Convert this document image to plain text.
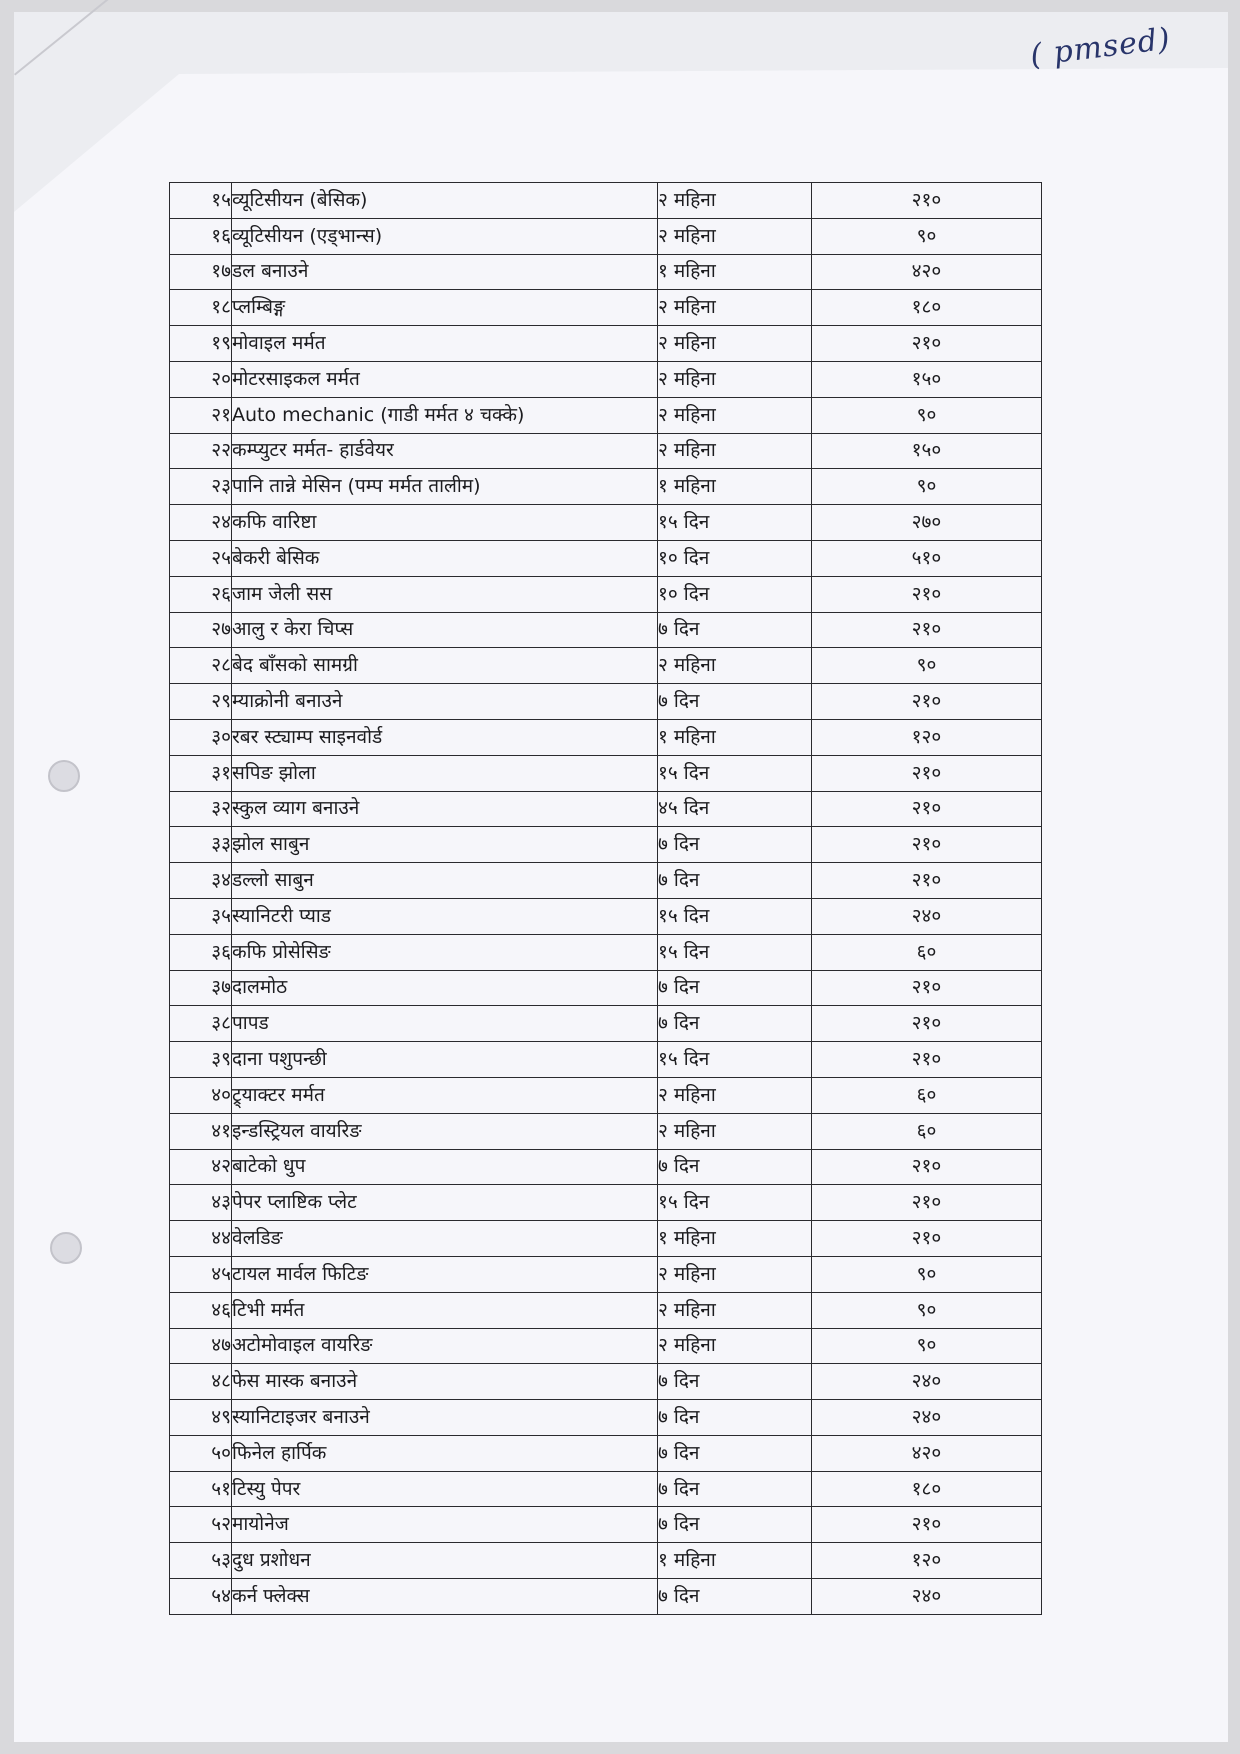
( pmsed)
१५	व्यूटिसीयन (बेसिक)	२ महिना	२१०
१६	व्यूटिसीयन (एड्भान्स)	२ महिना	९०
१७	डल बनाउने	१ महिना	४२०
१८	प्लम्बिङ्ग	२ महिना	१८०
१९	मोवाइल मर्मत	२ महिना	२१०
२०	मोटरसाइकल मर्मत	२ महिना	१५०
२१	Auto mechanic (गाडी मर्मत ४ चक्के)	२ महिना	९०
२२	कम्प्युटर मर्मत- हार्डवेयर	२ महिना	१५०
२३	पानि तान्ने मेसिन (पम्प मर्मत तालीम)	१ महिना	९०
२४	कफि वारिष्टा	१५ दिन	२७०
२५	बेकरी बेसिक	१० दिन	५१०
२६	जाम जेली सस	१० दिन	२१०
२७	आलु र केरा चिप्स	७ दिन	२१०
२८	बेद बाँसको सामग्री	२ महिना	९०
२९	म्याक्रोनी बनाउने	७ दिन	२१०
३०	रबर स्ट्याम्प साइनवोर्ड	१ महिना	१२०
३१	सपिङ झोला	१५ दिन	२१०
३२	स्कुल व्याग बनाउने	४५ दिन	२१०
३३	झोल साबुन	७ दिन	२१०
३४	डल्लो साबुन	७ दिन	२१०
३५	स्यानिटरी प्याड	१५ दिन	२४०
३६	कफि प्रोसेसिङ	१५ दिन	६०
३७	दालमोठ	७ दिन	२१०
३८	पापड	७ दिन	२१०
३९	दाना पशुपन्छी	१५ दिन	२१०
४०	ट्र्याक्टर मर्मत	२ महिना	६०
४१	इन्डस्ट्रियल वायरिङ	२ महिना	६०
४२	बाटेको धुप	७ दिन	२१०
४३	पेपर प्लाष्टिक प्लेट	१५ दिन	२१०
४४	वेलडिङ	१ महिना	२१०
४५	टायल मार्वल फिटिङ	२ महिना	९०
४६	टिभी मर्मत	२ महिना	९०
४७	अटोमोवाइल वायरिङ	२ महिना	९०
४८	फेस मास्क बनाउने	७ दिन	२४०
४९	स्यानिटाइजर बनाउने	७ दिन	२४०
५०	फिनेल हार्पिक	७ दिन	४२०
५१	टिस्यु पेपर	७ दिन	१८०
५२	मायोनेज	७ दिन	२१०
५३	दुध प्रशोधन	१ महिना	१२०
५४	कर्न फ्लेक्स	७ दिन	२४०
